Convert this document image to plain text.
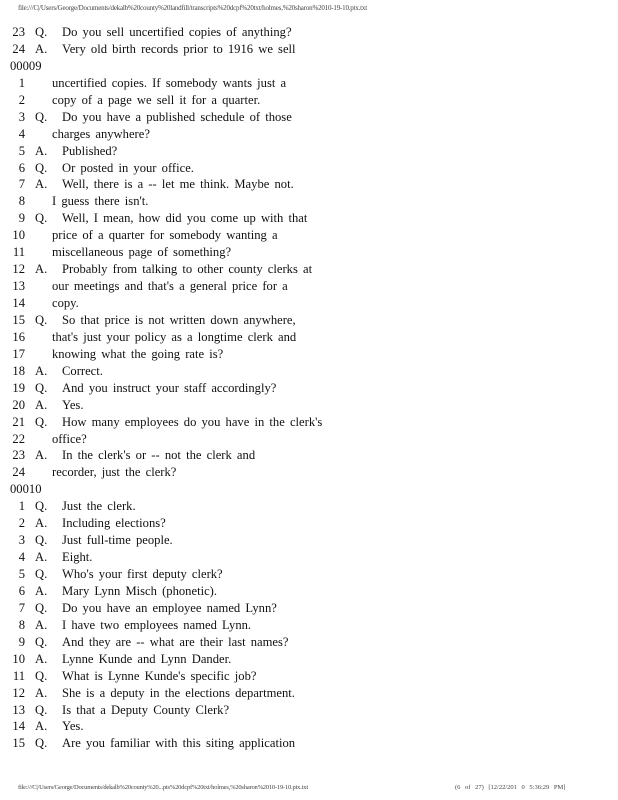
file:///C|/Users/George/Documents/dekalb%20county%20landfill/transcripts%20dcpf%20txt/holmes,%20sharon%2010-19-10.ptx.txt
23 Q. Do you sell uncertified copies of anything?
24 A. Very old birth records prior to 1916 we sell
00009
1 uncertified copies. If somebody wants just a
2 copy of a page we sell it for a quarter.
3 Q. Do you have a published schedule of those
4 charges anywhere?
5 A. Published?
6 Q. Or posted in your office.
7 A. Well, there is a -- let me think. Maybe not.
8 I guess there isn't.
9 Q. Well, I mean, how did you come up with that
10 price of a quarter for somebody wanting a
11 miscellaneous page of something?
12 A. Probably from talking to other county clerks at
13 our meetings and that's a general price for a
14 copy.
15 Q. So that price is not written down anywhere,
16 that's just your policy as a longtime clerk and
17 knowing what the going rate is?
18 A. Correct.
19 Q. And you instruct your staff accordingly?
20 A. Yes.
21 Q. How many employees do you have in the clerk's
22 office?
23 A. In the clerk's or -- not the clerk and
24 recorder, just the clerk?
00010
1 Q. Just the clerk.
2 A. Including elections?
3 Q. Just full-time people.
4 A. Eight.
5 Q. Who's your first deputy clerk?
6 A. Mary Lynn Misch (phonetic).
7 Q. Do you have an employee named Lynn?
8 A. I have two employees named Lynn.
9 Q. And they are -- what are their last names?
10 A. Lynne Kunde and Lynn Dander.
11 Q. What is Lynne Kunde's specific job?
12 A. She is a deputy in the elections department.
13 Q. Is that a Deputy County Clerk?
14 A. Yes.
15 Q. Are you familiar with this siting application
file:///C|/Users/George/Documents/dekalb%20county%20...pts%20dcpf%20txt/holmes,%20sharon%2010-19-10.ptx.txt	(6 of 27) [12/22/201 0 5:36:29 PM]
